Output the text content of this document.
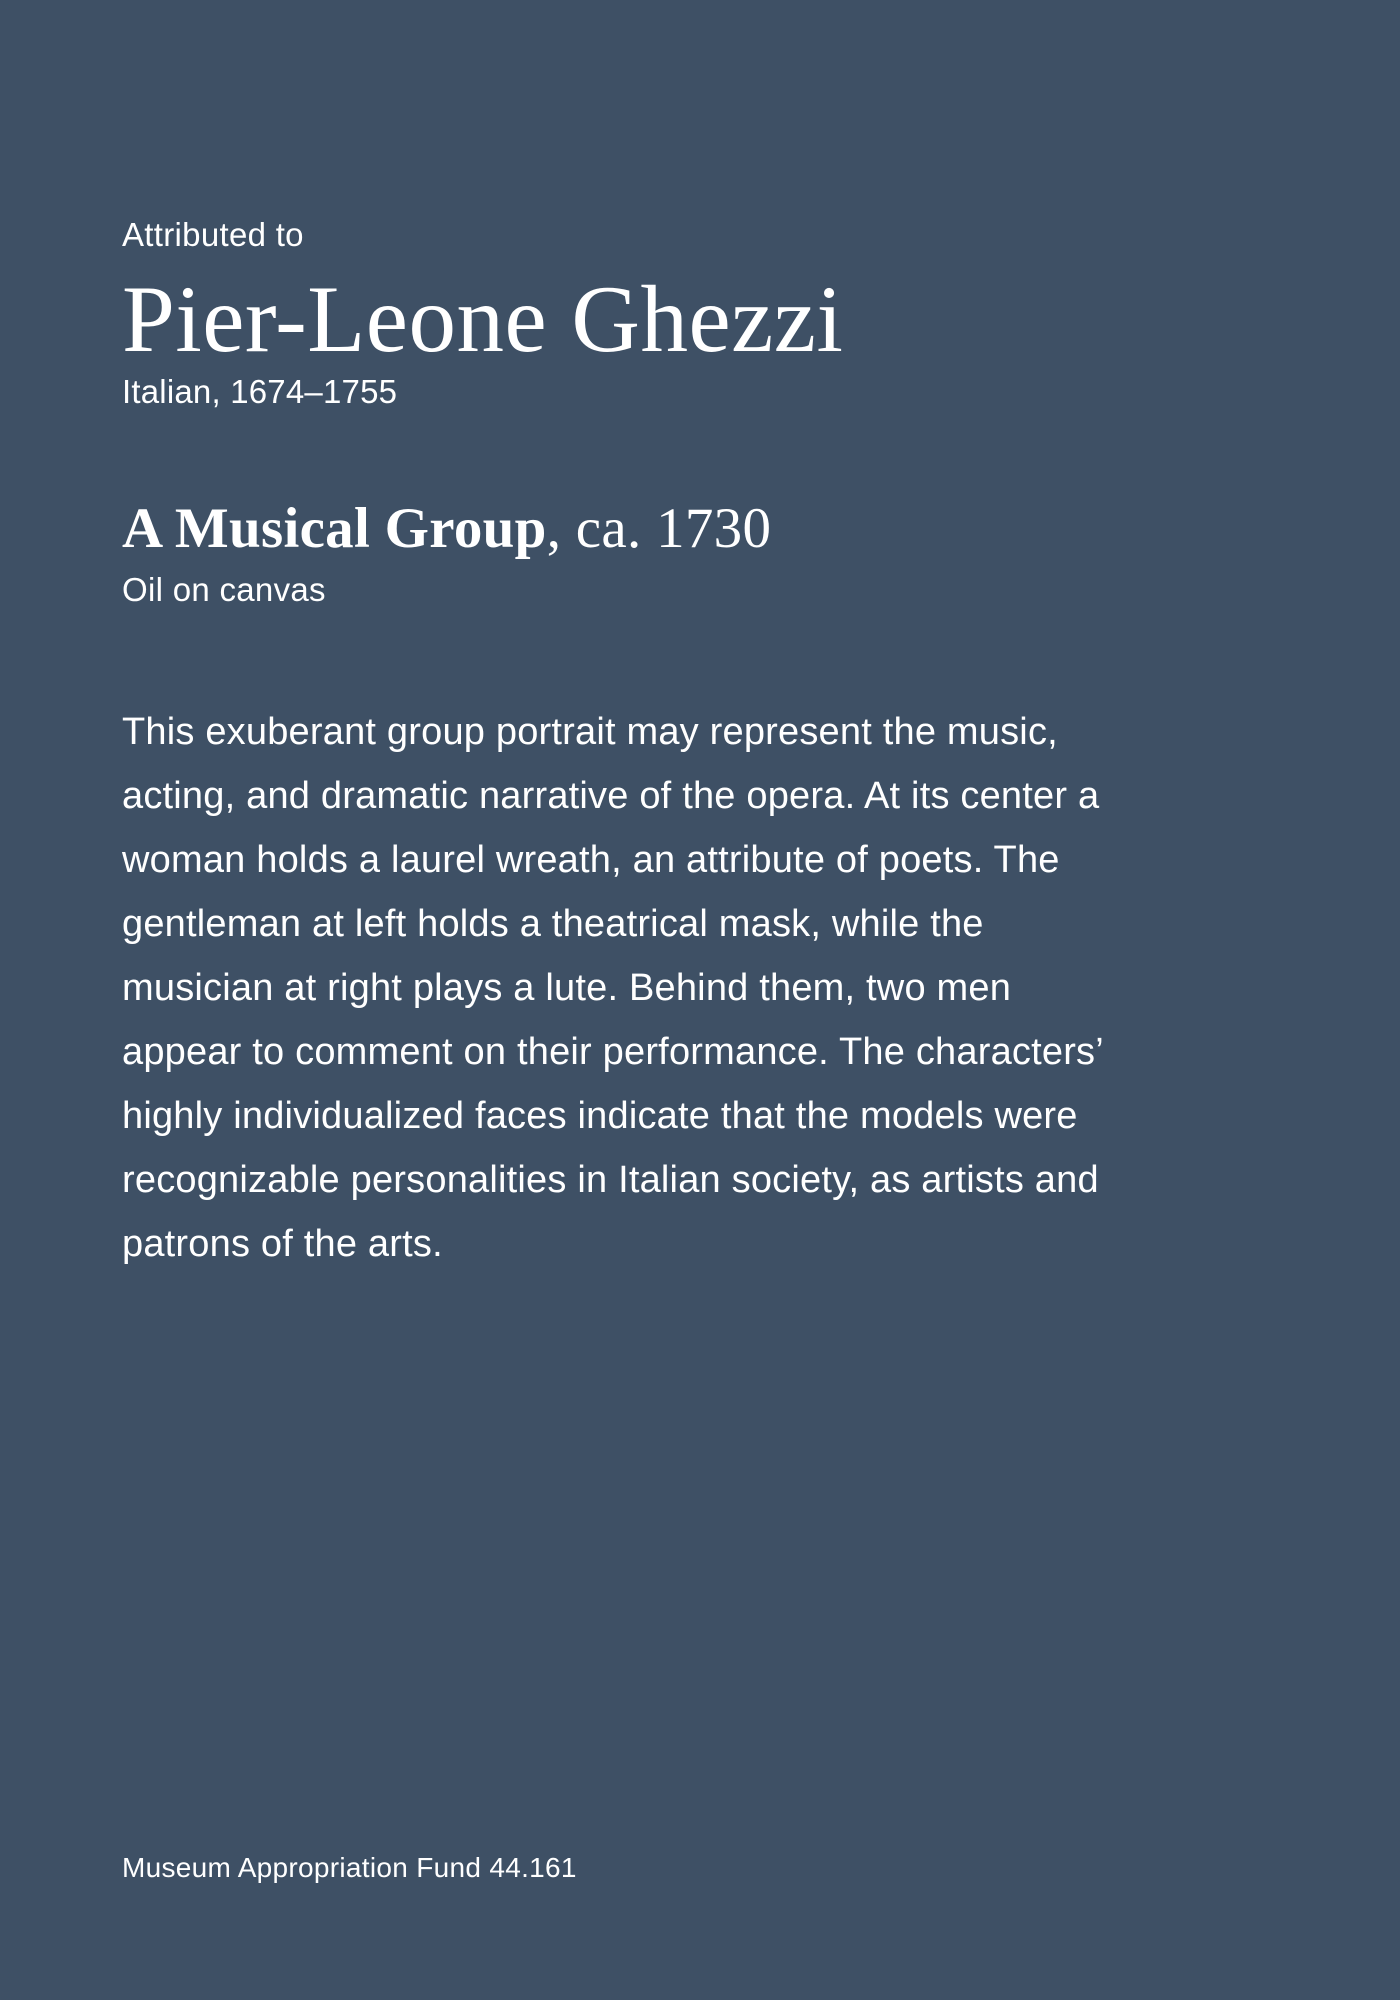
Attributed to
Pier-Leone Ghezzi
Italian, 1674–1755
A Musical Group, ca. 1730
Oil on canvas

This exuberant group portrait may represent the music, acting, and dramatic narrative of the opera. At its center a woman holds a laurel wreath, an attribute of poets. The gentleman at left holds a theatrical mask, while the musician at right plays a lute. Behind them, two men appear to comment on their performance. The characters’ highly individualized faces indicate that the models were recognizable personalities in Italian society, as artists and patrons of the arts.

Museum Appropriation Fund 44.161
